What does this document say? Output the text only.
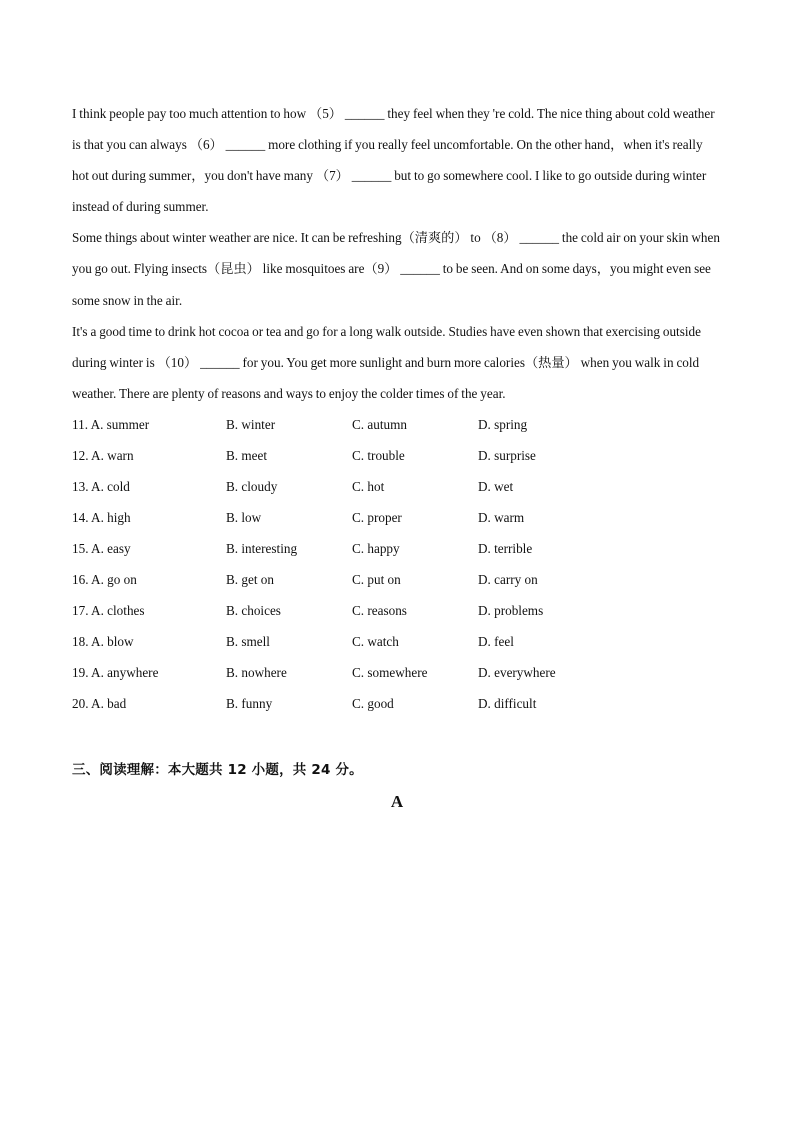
I think people pay too much attention to how （5） ______ they feel when they 're cold. The nice thing about cold weather is that you can always （6） ______ more clothing if you really feel uncomfortable. On the other hand，when it's really hot out during summer，you don't have many （7） ______ but to go somewhere cool. I like to go outside during winter instead of during summer.

Some things about winter weather are nice. It can be refreshing（清爽的） to （8） ______ the cold air on your skin when you go out. Flying insects（昆虫） like mosquitoes are（9） ______ to be seen. And on some days，you might even see some snow in the air.

It's a good time to drink hot cocoa or tea and go for a long walk outside. Studies have even shown that exercising outside during winter is （10） ______ for you. You get more sunlight and burn more calories（热量） when you walk in cold weather. There are plenty of reasons and ways to enjoy the colder times of the year.

11. A. summer	B. winter	C. autumn	D. spring
12. A. warn	B. meet	C. trouble	D. surprise
13. A. cold	B. cloudy	C. hot	D. wet
14. A. high	B. low	C. proper	D. warm
15. A. easy	B. interesting	C. happy	D. terrible
16. A. go on	B. get on	C. put on	D. carry on
17. A. clothes	B. choices	C. reasons	D. problems
18. A. blow	B. smell	C. watch	D. feel
19. A. anywhere	B. nowhere	C. somewhere	D. everywhere
20. A. bad	B. funny	C. good	D. difficult
三、阅读理解：本大题共 12 小题，共 24 分。
A
